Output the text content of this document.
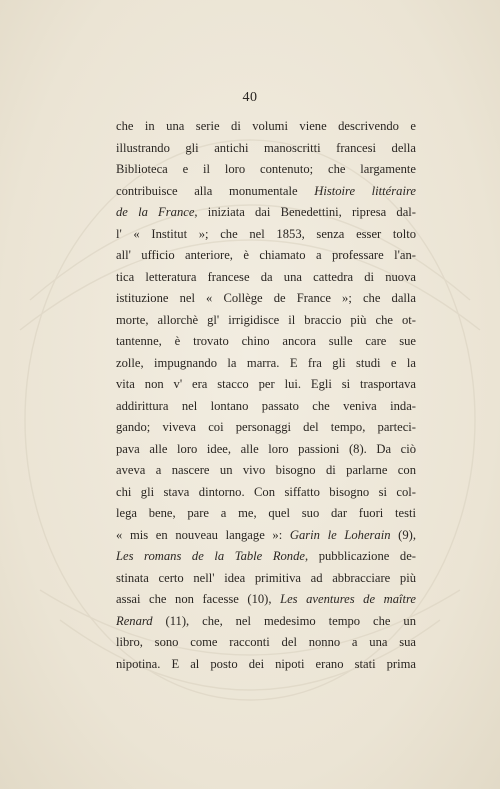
40
che in una serie di volumi viene descrivendo e
illustrando gli antichi manoscritti francesi della
Biblioteca e il loro contenuto; che largamente
contribuisce alla monumentale Histoire littéraire
de la France, iniziata dai Benedettini, ripresa dal-
l' « Institut »; che nel 1853, senza esser tolto
all' ufficio anteriore, è chiamato a professare l'an-
tica letteratura francese da una cattedra di nuova
istituzione nel « Collège de France »; che dalla
morte, allorchè gl' irrigidisce il braccio più che ot-
tantenne, è trovato chino ancora sulle care sue
zolle, impugnando la marra. E fra gli studi e la
vita non v' era stacco per lui. Egli si trasportava
addirittura nel lontano passato che veniva inda-
gando; viveva coi personaggi del tempo, parteci-
pava alle loro idee, alle loro passioni (8). Da ciò
aveva a nascere un vivo bisogno di parlarne con
chi gli stava dintorno. Con siffatto bisogno si col-
lega bene, pare a me, quel suo dar fuori testi
« mis en nouveau langage »: Garin le Loherain (9),
Les romans de la Table Ronde, pubblicazione de-
stinata certo nell' idea primitiva ad abbracciare più
assai che non facesse (10), Les aventures de maître
Renard (11), che, nel medesimo tempo che un
libro, sono come racconti del nonno a una sua
nipotina. E al posto dei nipoti erano stati prima
